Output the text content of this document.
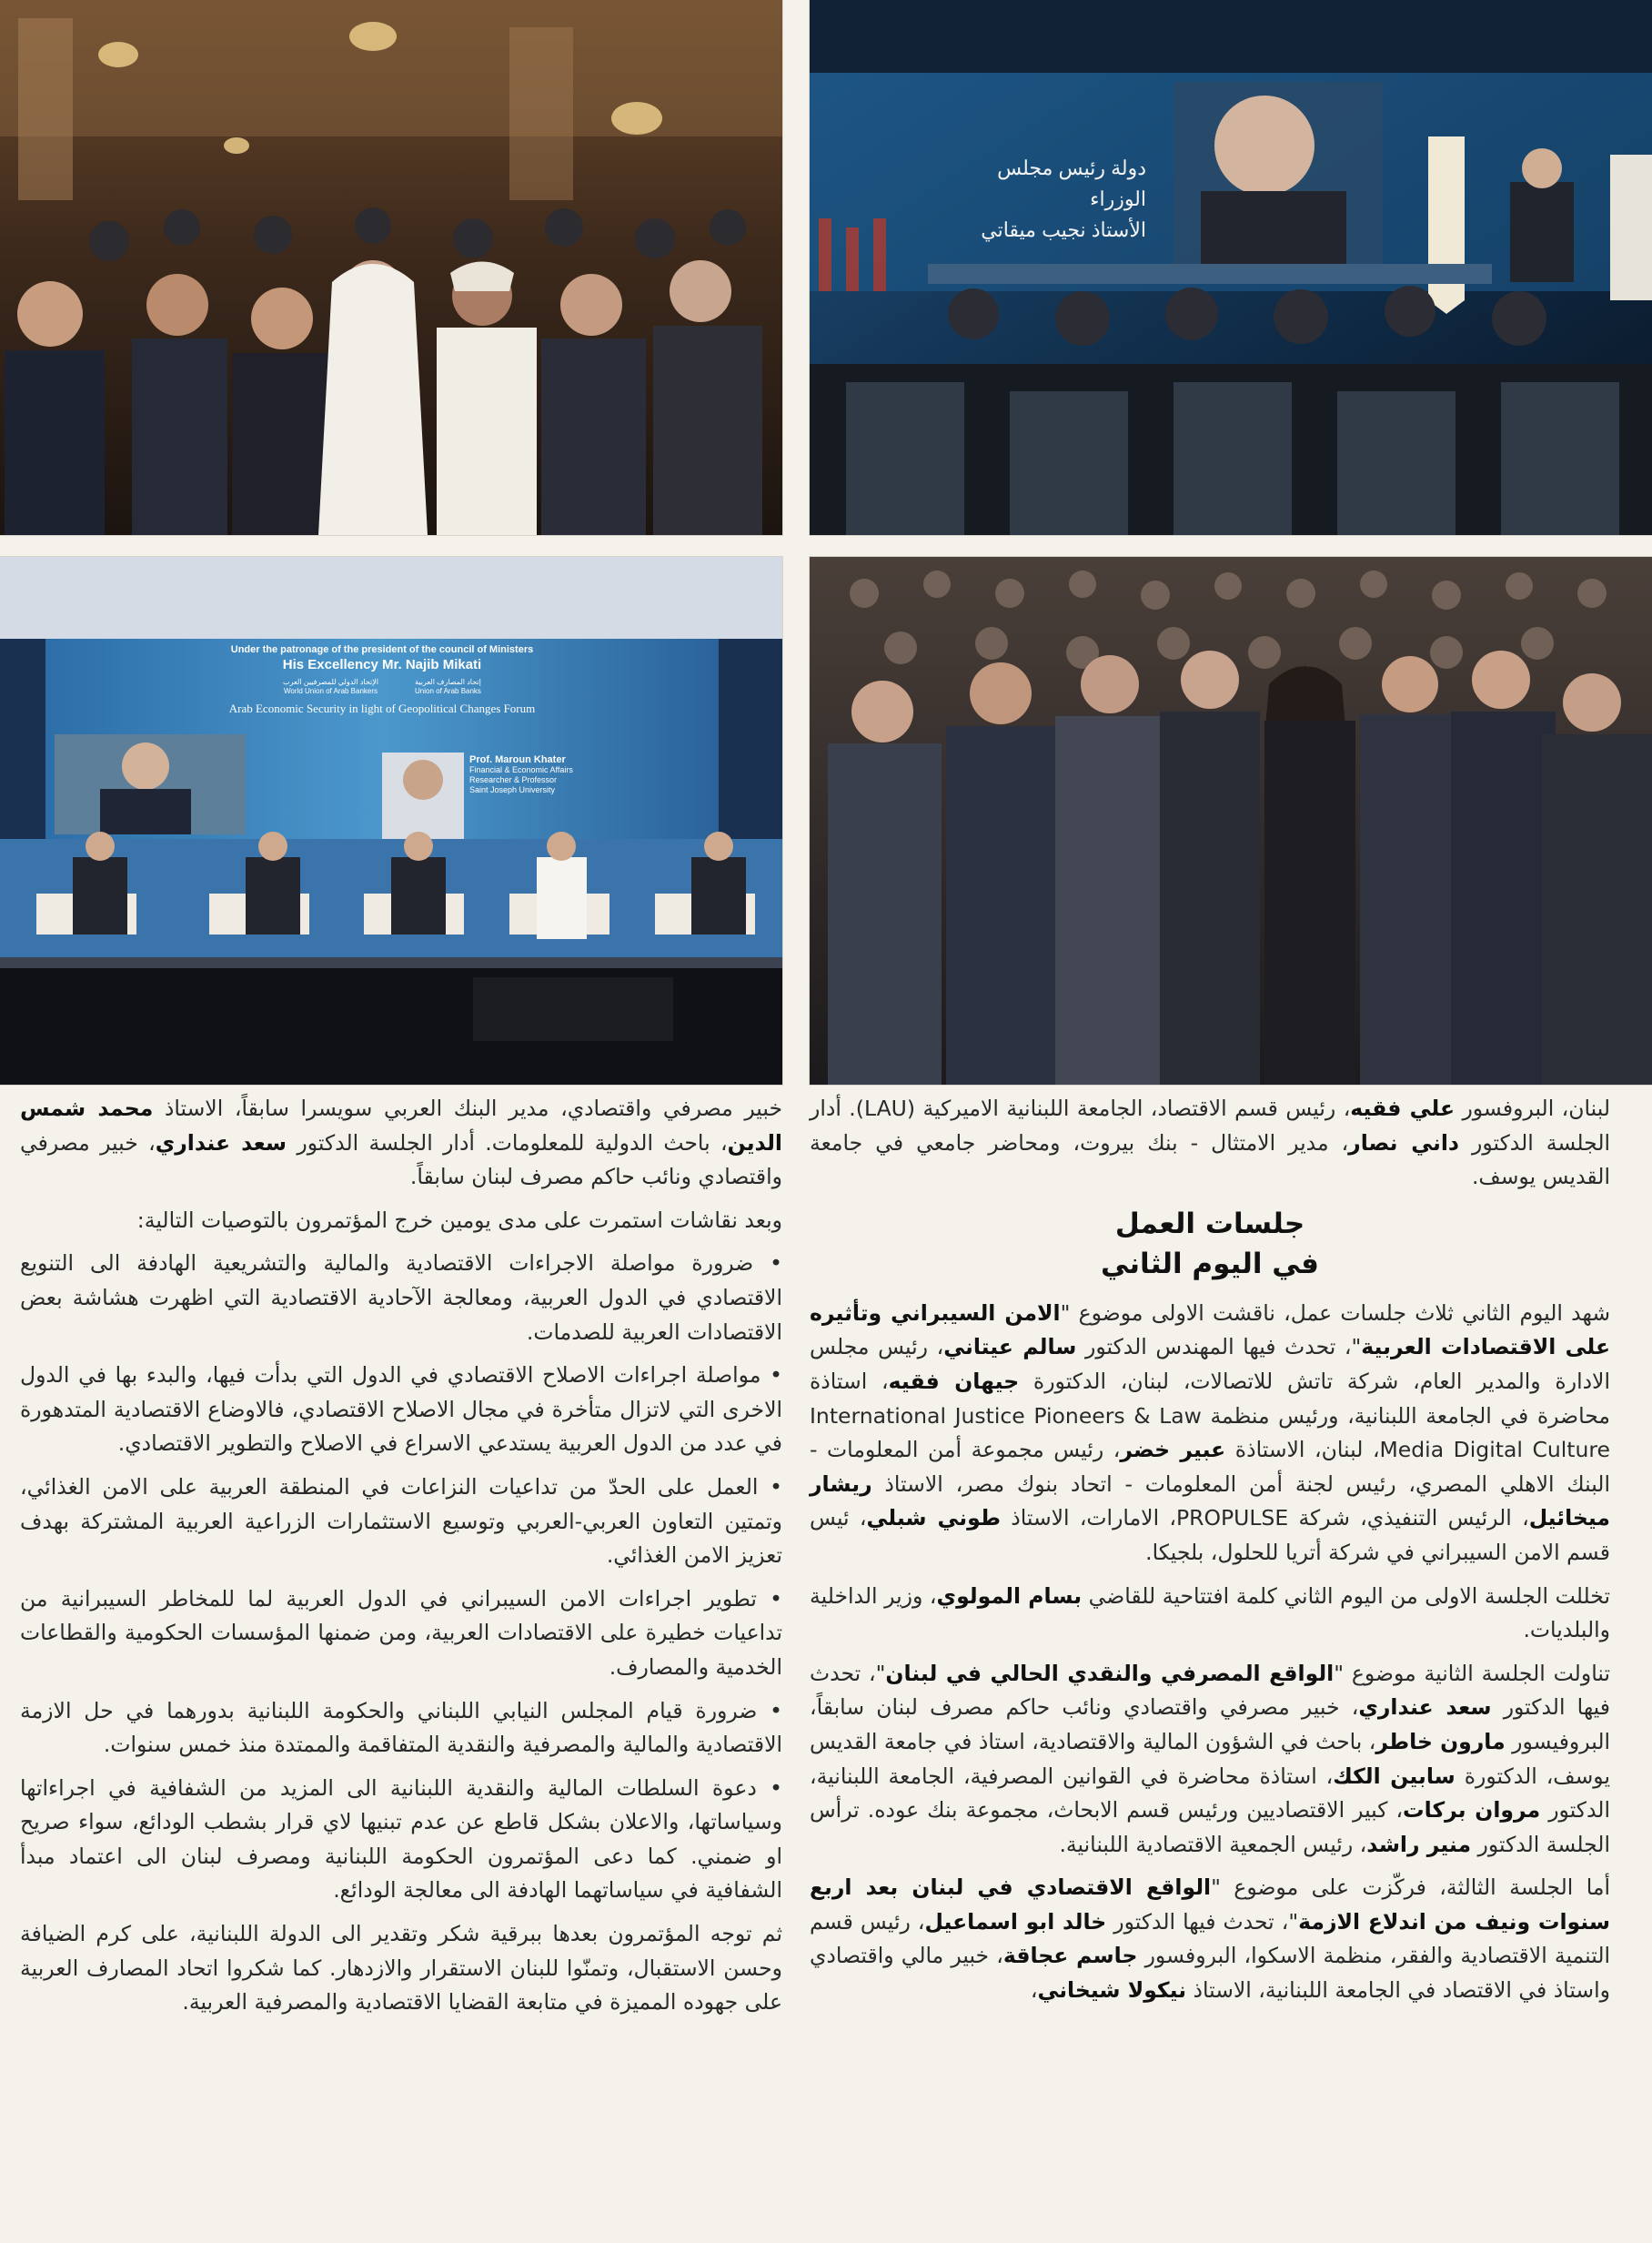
دولة رئيس مجلس الوزراء
الأستاذ نجيب ميقاتي
Under the patronage of the president of the council of Ministers
His Excellency Mr. Najib Mikati
الإتحاد الدولي للمصرفيين العرب
World Union of Arab Bankers
إتحاد المصارف العربية
Union of Arab Banks
Arab Economic Security in light of Geopolitical Changes Forum
Prof. Maroun Khater
Financial & Economic Affairs
Researcher & Professor
Saint Joseph University

لبنان، البروفسور علي فقيه، رئيس قسم الاقتصاد، الجامعة اللبنانية الاميركية (LAU). أدار الجلسة الدكتور داني نصار، مدير الامتثال - بنك بيروت، ومحاضر جامعي في جامعة القديس يوسف.

جلسات العمل
في اليوم الثاني

شهد اليوم الثاني ثلاث جلسات عمل، ناقشت الاولى موضوع "الامن السيبراني وتأثيره على الاقتصادات العربية"، تحدث فيها المهندس الدكتور سالم عيتاني، رئيس مجلس الادارة والمدير العام، شركة تاتش للاتصالات، لبنان، الدكتورة جيهان فقيه، استاذة محاضرة في الجامعة اللبنانية، ورئيس منظمة International Justice Pioneers & Law Media Digital Culture، لبنان، الاستاذة عبير خضر، رئيس مجموعة أمن المعلومات - البنك الاهلي المصري، رئيس لجنة أمن المعلومات - اتحاد بنوك مصر، الاستاذ ريشار ميخائيل، الرئيس التنفيذي، شركة PROPULSE، الامارات، الاستاذ طوني شبلي، ئيس قسم الامن السيبراني في شركة أتريا للحلول، بلجيكا.

تخللت الجلسة الاولى من اليوم الثاني كلمة افتتاحية للقاضي بسام المولوي، وزير الداخلية والبلديات.

تناولت الجلسة الثانية موضوع "الواقع المصرفي والنقدي الحالي في لبنان"، تحدث فيها الدكتور سعد عنداري، خبير مصرفي واقتصادي ونائب حاكم مصرف لبنان سابقاً، البروفيسور مارون خاطر، باحث في الشؤون المالية والاقتصادية، استاذ في جامعة القديس يوسف، الدكتورة سابين الكك، استاذة محاضرة في القوانين المصرفية، الجامعة اللبنانية، الدكتور مروان بركات، كبير الاقتصاديين ورئيس قسم الابحاث، مجموعة بنك عوده. ترأس الجلسة الدكتور منير راشد، رئيس الجمعية الاقتصادية اللبنانية.

أما الجلسة الثالثة، فركّزت على موضوع "الواقع الاقتصادي في لبنان بعد اربع سنوات ونيف من اندلاع الازمة"، تحدث فيها الدكتور خالد ابو اسماعيل، رئيس قسم التنمية الاقتصادية والفقر، منظمة الاسكوا، البروفسور جاسم عجاقة، خبير مالي واقتصادي واستاذ في الاقتصاد في الجامعة اللبنانية، الاستاذ نيكولا شيخاني،

خبير مصرفي واقتصادي، مدير البنك العربي سويسرا سابقاً، الاستاذ محمد شمس الدين، باحث الدولية للمعلومات. أدار الجلسة الدكتور سعد عنداري، خبير مصرفي واقتصادي ونائب حاكم مصرف لبنان سابقاً.

وبعد نقاشات استمرت على مدى يومين خرج المؤتمرون بالتوصيات التالية:

• ضرورة مواصلة الاجراءات الاقتصادية والمالية والتشريعية الهادفة الى التنويع الاقتصادي في الدول العربية، ومعالجة الآحادية الاقتصادية التي اظهرت هشاشة بعض الاقتصادات العربية للصدمات.

• مواصلة اجراءات الاصلاح الاقتصادي في الدول التي بدأت فيها، والبدء بها في الدول الاخرى التي لاتزال متأخرة في مجال الاصلاح الاقتصادي، فالاوضاع الاقتصادية المتدهورة في عدد من الدول العربية يستدعي الاسراع في الاصلاح والتطوير الاقتصادي.

• العمل على الحدّ من تداعيات النزاعات في المنطقة العربية على الامن الغذائي، وتمتين التعاون العربي-العربي وتوسيع الاستثمارات الزراعية العربية المشتركة بهدف تعزيز الامن الغذائي.

• تطوير اجراءات الامن السيبراني في الدول العربية لما للمخاطر السيبرانية من تداعيات خطيرة على الاقتصادات العربية، ومن ضمنها المؤسسات الحكومية والقطاعات الخدمية والمصارف.

• ضرورة قيام المجلس النيابي اللبناني والحكومة اللبنانية بدورهما في حل الازمة الاقتصادية والمالية والمصرفية والنقدية المتفاقمة والممتدة منذ خمس سنوات.

• دعوة السلطات المالية والنقدية اللبنانية الى المزيد من الشفافية في اجراءاتها وسياساتها، والاعلان بشكل قاطع عن عدم تبنيها لاي قرار بشطب الودائع، سواء صريح او ضمني. كما دعى المؤتمرون الحكومة اللبنانية ومصرف لبنان الى اعتماد مبدأ الشفافية في سياساتهما الهادفة الى معالجة الودائع.

ثم توجه المؤتمرون بعدها ببرقية شكر وتقدير الى الدولة اللبنانية، على كرم الضيافة وحسن الاستقبال، وتمنّوا للبنان الاستقرار والازدهار. كما شكروا اتحاد المصارف العربية على جهوده المميزة في متابعة القضايا الاقتصادية والمصرفية العربية.
